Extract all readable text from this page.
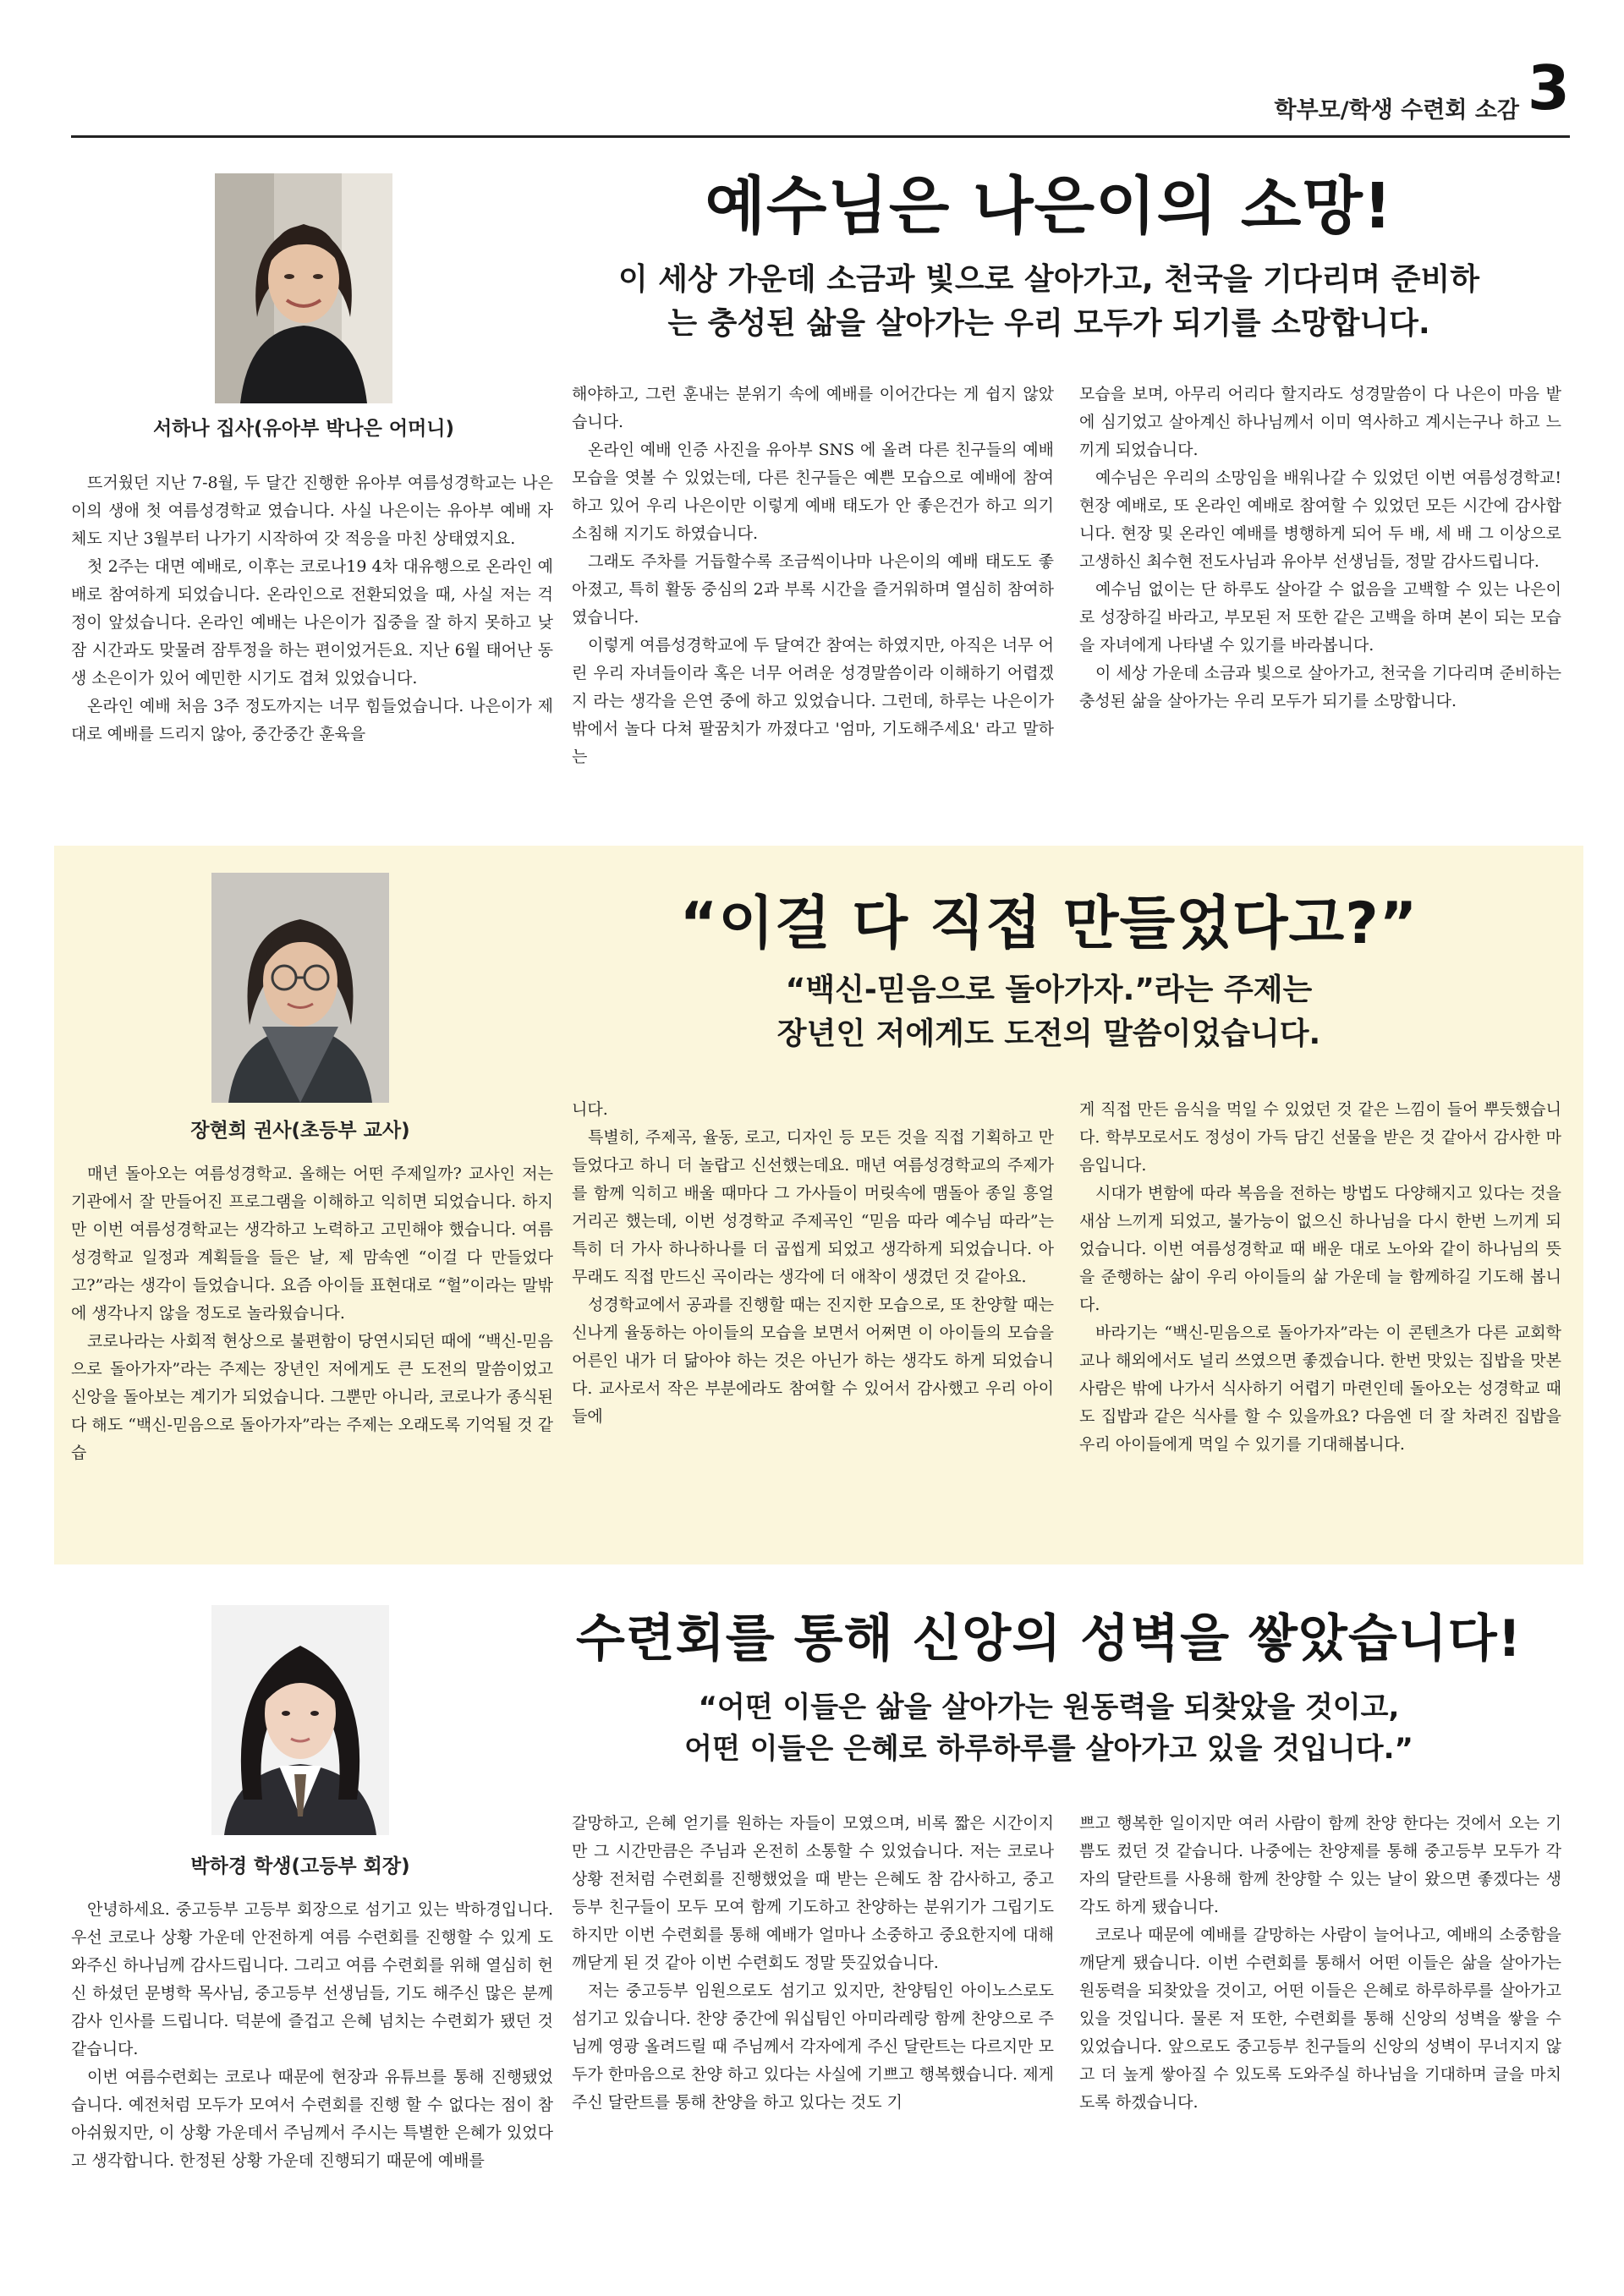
학부모/학생 수련회 소감 3
서하나 집사(유아부 박나은 어머니)
예수님은 나은이의 소망!
이 세상 가운데 소금과 빛으로 살아가고, 천국을 기다리며 준비하
는 충성된 삶을 살아가는 우리 모두가 되기를 소망합니다.

뜨거웠던 지난 7-8월, 두 달간 진행한 유아부 여름성경학교는 나은이의 생애 첫 여름성경학교 였습니다. 사실 나은이는 유아부 예배 자체도 지난 3월부터 나가기 시작하여 갓 적응을 마친 상태였지요.

첫 2주는 대면 예배로, 이후는 코로나19 4차 대유행으로 온라인 예배로 참여하게 되었습니다. 온라인으로 전환되었을 때, 사실 저는 걱정이 앞섰습니다. 온라인 예배는 나은이가 집중을 잘 하지 못하고 낮잠 시간과도 맞물려 잠투정을 하는 편이었거든요. 지난 6월 태어난 동생 소은이가 있어 예민한 시기도 겹쳐 있었습니다.

온라인 예배 처음 3주 정도까지는 너무 힘들었습니다. 나은이가 제대로 예배를 드리지 않아, 중간중간 훈육을

해야하고, 그런 훈내는 분위기 속에 예배를 이어간다는 게 쉽지 않았습니다.

온라인 예배 인증 사진을 유아부 SNS 에 올려 다른 친구들의 예배 모습을 엿볼 수 있었는데, 다른 친구들은 예쁜 모습으로 예배에 참여하고 있어 우리 나은이만 이렇게 예배 태도가 안 좋은건가 하고 의기소침해 지기도 하였습니다.

그래도 주차를 거듭할수록 조금씩이나마 나은이의 예배 태도도 좋아졌고, 특히 활동 중심의 2과 부록 시간을 즐거워하며 열심히 참여하였습니다.

이렇게 여름성경학교에 두 달여간 참여는 하였지만, 아직은 너무 어린 우리 자녀들이라 혹은 너무 어려운 성경말씀이라 이해하기 어렵겠지 라는 생각을 은연 중에 하고 있었습니다. 그런데, 하루는 나은이가 밖에서 놀다 다쳐 팔꿈치가 까졌다고 '엄마, 기도해주세요' 라고 말하는

모습을 보며, 아무리 어리다 할지라도 성경말씀이 다 나은이 마음 밭에 심기었고 살아계신 하나님께서 이미 역사하고 계시는구나 하고 느끼게 되었습니다.

예수님은 우리의 소망임을 배워나갈 수 있었던 이번 여름성경학교! 현장 예배로, 또 온라인 예배로 참여할 수 있었던 모든 시간에 감사합니다. 현장 및 온라인 예배를 병행하게 되어 두 배, 세 배 그 이상으로 고생하신 최수현 전도사님과 유아부 선생님들, 정말 감사드립니다.

예수님 없이는 단 하루도 살아갈 수 없음을 고백할 수 있는 나은이로 성장하길 바라고, 부모된 저 또한 같은 고백을 하며 본이 되는 모습을 자녀에게 나타낼 수 있기를 바라봅니다.

이 세상 가운데 소금과 빛으로 살아가고, 천국을 기다리며 준비하는 충성된 삶을 살아가는 우리 모두가 되기를 소망합니다.

장현희 권사(초등부 교사)
“이걸 다 직접 만들었다고?”
“백신-믿음으로 돌아가자.”라는 주제는
장년인 저에게도 도전의 말씀이었습니다.

매년 돌아오는 여름성경학교. 올해는 어떤 주제일까? 교사인 저는 기관에서 잘 만들어진 프로그램을 이해하고 익히면 되었습니다. 하지만 이번 여름성경학교는 생각하고 노력하고 고민해야 했습니다. 여름성경학교 일정과 계획들을 들은 날, 제 맘속엔 “이걸 다 만들었다고?”라는 생각이 들었습니다. 요즘 아이들 표현대로 “헐”이라는 말밖에 생각나지 않을 정도로 놀라웠습니다.

코로나라는 사회적 현상으로 불편함이 당연시되던 때에 “백신-믿음으로 돌아가자”라는 주제는 장년인 저에게도 큰 도전의 말씀이었고 신앙을 돌아보는 계기가 되었습니다. 그뿐만 아니라, 코로나가 종식된다 해도 “백신-믿음으로 돌아가자”라는 주제는 오래도록 기억될 것 같습

니다.

특별히, 주제곡, 율동, 로고, 디자인 등 모든 것을 직접 기획하고 만들었다고 하니 더 놀랍고 신선했는데요. 매년 여름성경학교의 주제가를 함께 익히고 배울 때마다 그 가사들이 머릿속에 맴돌아 종일 흥얼거리곤 했는데, 이번 성경학교 주제곡인 “믿음 따라 예수님 따라”는 특히 더 가사 하나하나를 더 곱씹게 되었고 생각하게 되었습니다. 아무래도 직접 만드신 곡이라는 생각에 더 애착이 생겼던 것 같아요.

성경학교에서 공과를 진행할 때는 진지한 모습으로, 또 찬양할 때는 신나게 율동하는 아이들의 모습을 보면서 어쩌면 이 아이들의 모습을 어른인 내가 더 닮아야 하는 것은 아닌가 하는 생각도 하게 되었습니다. 교사로서 작은 부분에라도 참여할 수 있어서 감사했고 우리 아이들에

게 직접 만든 음식을 먹일 수 있었던 것 같은 느낌이 들어 뿌듯했습니다. 학부모로서도 정성이 가득 담긴 선물을 받은 것 같아서 감사한 마음입니다.

시대가 변함에 따라 복음을 전하는 방법도 다양해지고 있다는 것을 새삼 느끼게 되었고, 불가능이 없으신 하나님을 다시 한번 느끼게 되었습니다. 이번 여름성경학교 때 배운 대로 노아와 같이 하나님의 뜻을 준행하는 삶이 우리 아이들의 삶 가운데 늘 함께하길 기도해 봅니다.

바라기는 “백신-믿음으로 돌아가자”라는 이 콘텐츠가 다른 교회학교나 해외에서도 널리 쓰였으면 좋겠습니다. 한번 맛있는 집밥을 맛본 사람은 밖에 나가서 식사하기 어렵기 마련인데 돌아오는 성경학교 때도 집밥과 같은 식사를 할 수 있을까요? 다음엔 더 잘 차려진 집밥을 우리 아이들에게 먹일 수 있기를 기대해봅니다.

박하경 학생(고등부 회장)
수련회를 통해 신앙의 성벽을 쌓았습니다!
“어떤 이들은 삶을 살아가는 원동력을 되찾았을 것이고,
어떤 이들은 은혜로 하루하루를 살아가고 있을 것입니다.”

안녕하세요. 중고등부 고등부 회장으로 섬기고 있는 박하경입니다. 우선 코로나 상황 가운데 안전하게 여름 수련회를 진행할 수 있게 도와주신 하나님께 감사드립니다. 그리고 여름 수련회를 위해 열심히 헌신 하셨던 문병학 목사님, 중고등부 선생님들, 기도 해주신 많은 분께 감사 인사를 드립니다. 덕분에 즐겁고 은혜 넘치는 수련회가 됐던 것 같습니다.

이번 여름수련회는 코로나 때문에 현장과 유튜브를 통해 진행됐었습니다. 예전처럼 모두가 모여서 수련회를 진행 할 수 없다는 점이 참 아쉬웠지만, 이 상황 가운데서 주님께서 주시는 특별한 은혜가 있었다고 생각합니다. 한정된 상황 가운데 진행되기 때문에 예배를

갈망하고, 은혜 얻기를 원하는 자들이 모였으며, 비록 짧은 시간이지만 그 시간만큼은 주님과 온전히 소통할 수 있었습니다. 저는 코로나 상황 전처럼 수련회를 진행했었을 때 받는 은혜도 참 감사하고, 중고등부 친구들이 모두 모여 함께 기도하고 찬양하는 분위기가 그립기도 하지만 이번 수련회를 통해 예배가 얼마나 소중하고 중요한지에 대해 깨닫게 된 것 같아 이번 수련회도 정말 뜻깊었습니다.

저는 중고등부 임원으로도 섬기고 있지만, 찬양팀인 아이노스로도 섬기고 있습니다. 찬양 중간에 워십팀인 아미라레랑 함께 찬양으로 주님께 영광 올려드릴 때 주님께서 각자에게 주신 달란트는 다르지만 모두가 한마음으로 찬양 하고 있다는 사실에 기쁘고 행복했습니다. 제게 주신 달란트를 통해 찬양을 하고 있다는 것도 기

쁘고 행복한 일이지만 여러 사람이 함께 찬양 한다는 것에서 오는 기쁨도 컸던 것 같습니다. 나중에는 찬양제를 통해 중고등부 모두가 각자의 달란트를 사용해 함께 찬양할 수 있는 날이 왔으면 좋겠다는 생각도 하게 됐습니다.

코로나 때문에 예배를 갈망하는 사람이 늘어나고, 예배의 소중함을 깨닫게 됐습니다. 이번 수련회를 통해서 어떤 이들은 삶을 살아가는 원동력을 되찾았을 것이고, 어떤 이들은 은혜로 하루하루를 살아가고 있을 것입니다. 물론 저 또한, 수련회를 통해 신앙의 성벽을 쌓을 수 있었습니다. 앞으로도 중고등부 친구들의 신앙의 성벽이 무너지지 않고 더 높게 쌓아질 수 있도록 도와주실 하나님을 기대하며 글을 마치도록 하겠습니다.
